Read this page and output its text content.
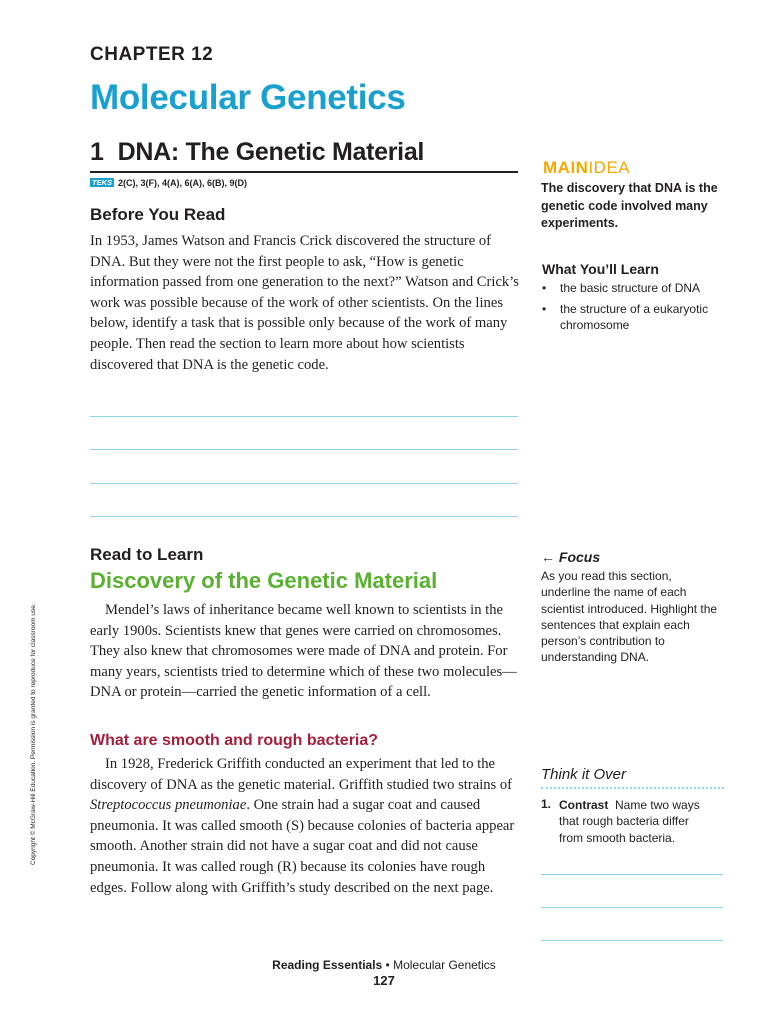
CHAPTER 12
Molecular Genetics
1 DNA: The Genetic Material
TEKS 2(C), 3(F), 4(A), 6(A), 6(B), 9(D)
Before You Read
In 1953, James Watson and Francis Crick discovered the structure of DNA. But they were not the first people to ask, “How is genetic information passed from one generation to the next?” Watson and Crick’s work was possible because of the work of other scientists. On the lines below, identify a task that is possible only because of the work of many people. Then read the section to learn more about how scientists discovered that DNA is the genetic code.
Read to Learn
Discovery of the Genetic Material
Mendel’s laws of inheritance became well known to scientists in the early 1900s. Scientists knew that genes were carried on chromosomes. They also knew that chromosomes were made of DNA and protein. For many years, scientists tried to determine which of these two molecules—DNA or protein—carried the genetic information of a cell.
What are smooth and rough bacteria?
In 1928, Frederick Griffith conducted an experiment that led to the discovery of DNA as the genetic material. Griffith studied two strains of Streptococcus pneumoniae. One strain had a sugar coat and caused pneumonia. It was called smooth (S) because colonies of bacteria appear smooth. Another strain did not have a sugar coat and did not cause pneumonia. It was called rough (R) because its colonies have rough edges. Follow along with Griffith’s study described on the next page.
Copyright © McGraw-Hill Education. Permission is granted to reproduce for classroom use.
MAINIDEA
The discovery that DNA is the genetic code involved many experiments.
What You’ll Learn
• the basic structure of DNA
• the structure of a eukaryotic chromosome
← Focus
As you read this section, underline the name of each scientist introduced. Highlight the sentences that explain each person’s contribution to understanding DNA.
Think it Over
1. Contrast Name two ways that rough bacteria differ from smooth bacteria.
Reading Essentials • Molecular Genetics
127
